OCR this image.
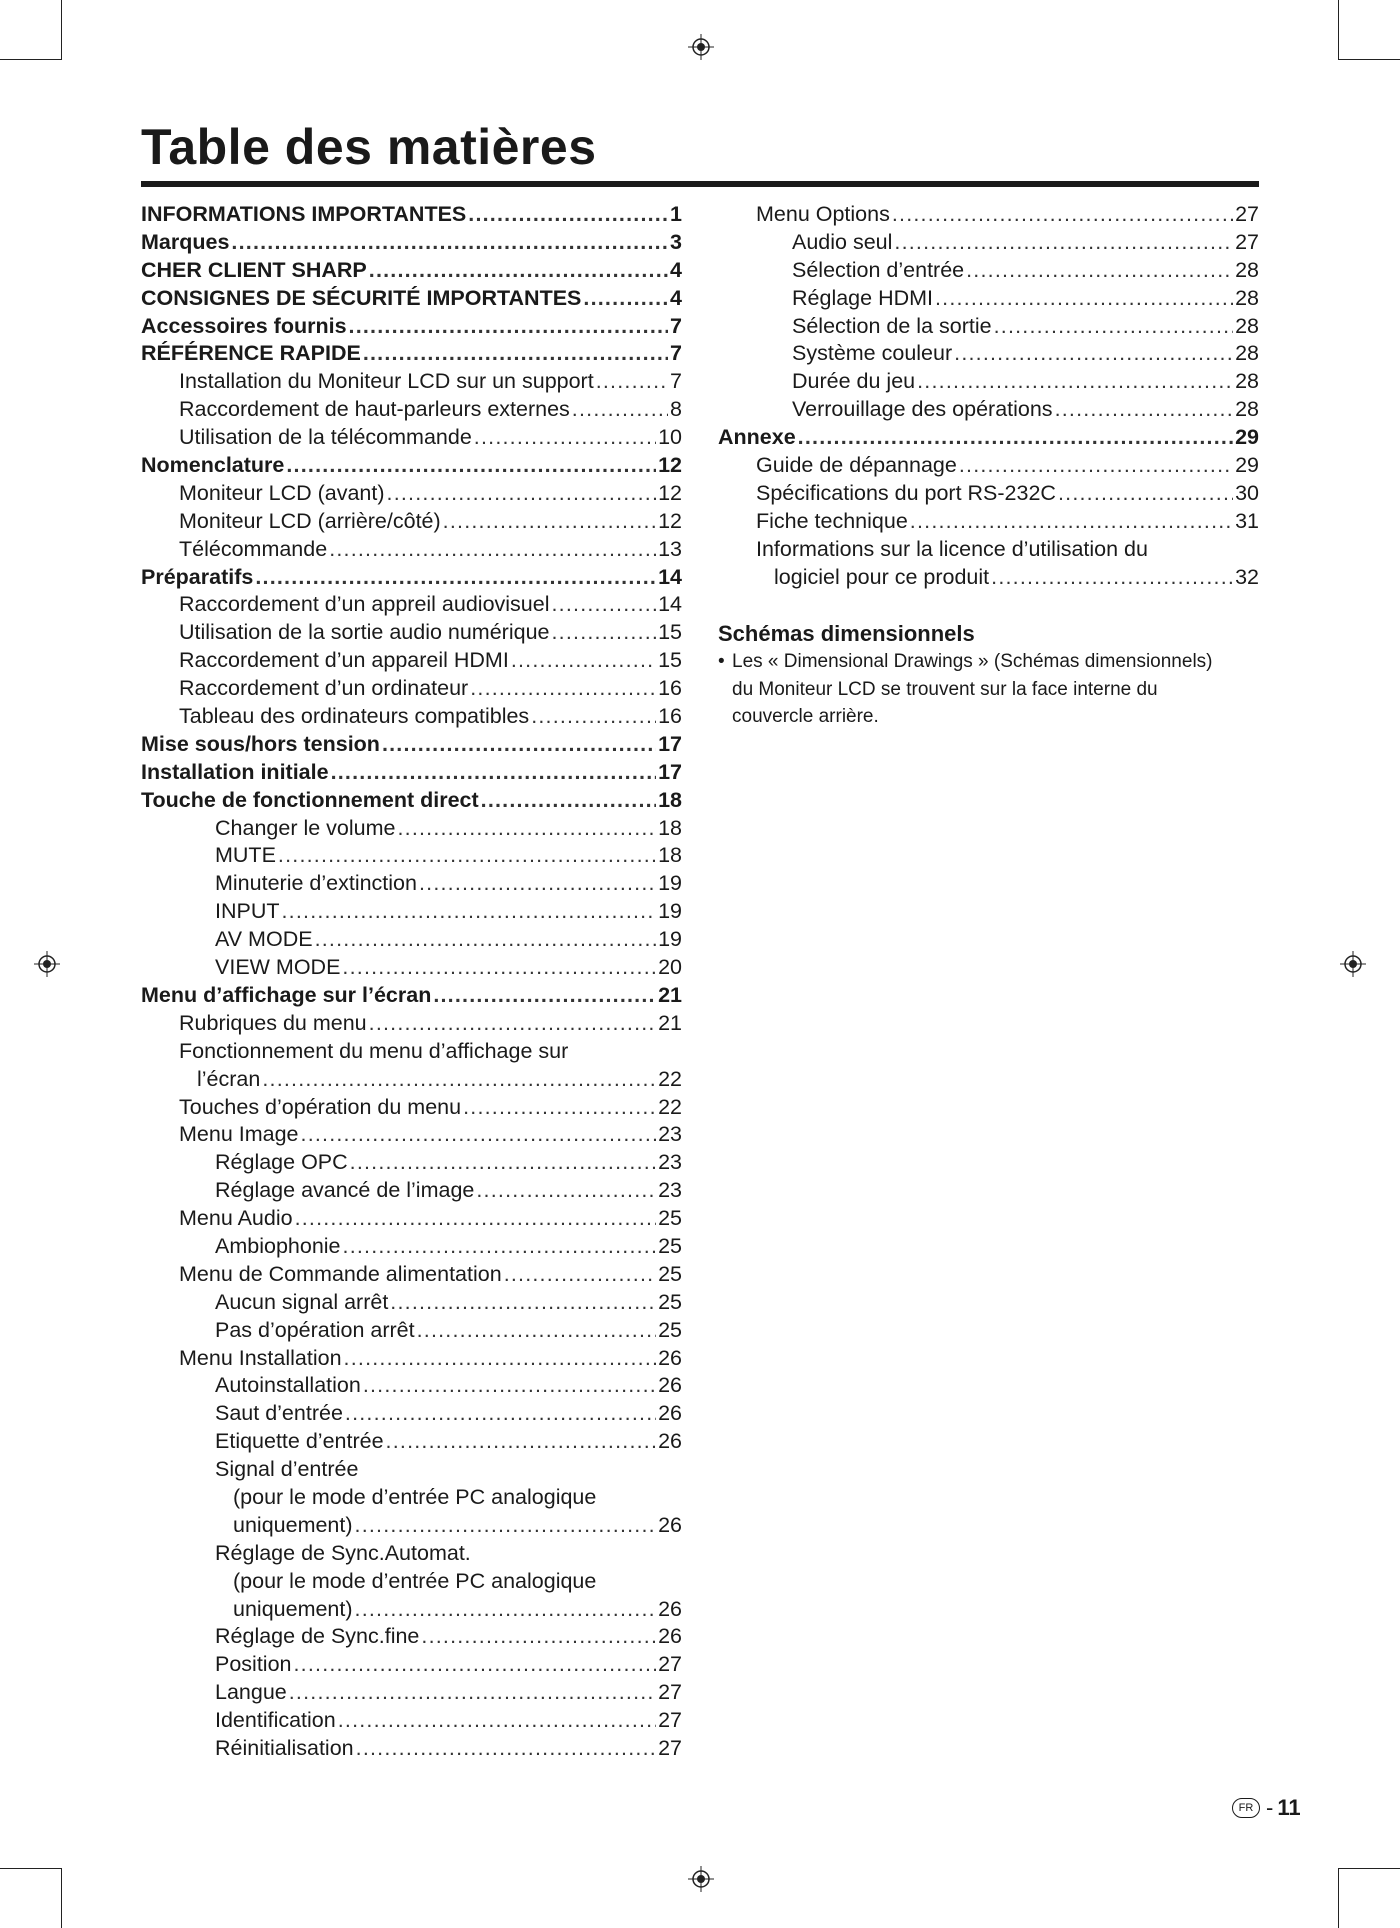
Table des matières
INFORMATIONS IMPORTANTES .....	1
Marques .....	3
CHER CLIENT SHARP .....	4
CONSIGNES DE SÉCURITÉ IMPORTANTES .....	4
Accessoires fournis .....	7
RÉFÉRENCE RAPIDE .....	7
Installation du Moniteur LCD sur un support .....	7
Raccordement de haut-parleurs externes .....	8
Utilisation de la télécommande .....	10
Nomenclature .....	12
Moniteur LCD (avant) .....	12
Moniteur LCD (arrière/côté) .....	12
Télécommande .....	13
Préparatifs .....	14
Raccordement d’un appreil audiovisuel .....	14
Utilisation de la sortie audio numérique .....	15
Raccordement d’un appareil HDMI .....	15
Raccordement d’un ordinateur .....	16
Tableau des ordinateurs compatibles .....	16
Mise sous/hors tension .....	17
Installation initiale .....	17
Touche de fonctionnement direct .....	18
Changer le volume .....	18
MUTE .....	18
Minuterie d’extinction .....	19
INPUT .....	19
AV MODE .....	19
VIEW MODE .....	20
Menu d’affichage sur l’écran .....	21
Rubriques du menu .....	21
Fonctionnement du menu d’affichage sur
l’écran .....	22
Touches d’opération du menu .....	22
Menu Image .....	23
Réglage OPC .....	23
Réglage avancé de l’image .....	23
Menu Audio .....	25
Ambiophonie .....	25
Menu de Commande alimentation .....	25
Aucun signal arrêt .....	25
Pas d’opération arrêt .....	25
Menu Installation .....	26
Autoinstallation .....	26
Saut d’entrée .....	26
Etiquette d’entrée .....	26
Signal d’entrée
(pour le mode d’entrée PC analogique
uniquement) .....	26
Réglage de Sync.Automat.
(pour le mode d’entrée PC analogique
uniquement) .....	26
Réglage de Sync.fine .....	26
Position .....	27
Langue .....	27
Identification .....	27
Réinitialisation .....	27
Menu Options .....	27
Audio seul .....	27
Sélection d’entrée .....	28
Réglage HDMI .....	28
Sélection de la sortie .....	28
Système couleur .....	28
Durée du jeu .....	28
Verrouillage des opérations .....	28
Annexe .....	29
Guide de dépannage .....	29
Spécifications du port RS-232C .....	30
Fiche technique .....	31
Informations sur la licence d’utilisation du
logiciel pour ce produit .....	32
Schémas dimensionnels
• Les « Dimensional Drawings » (Schémas dimensionnels)
du Moniteur LCD se trouvent sur la face interne du
couvercle arrière.
FR - 11
